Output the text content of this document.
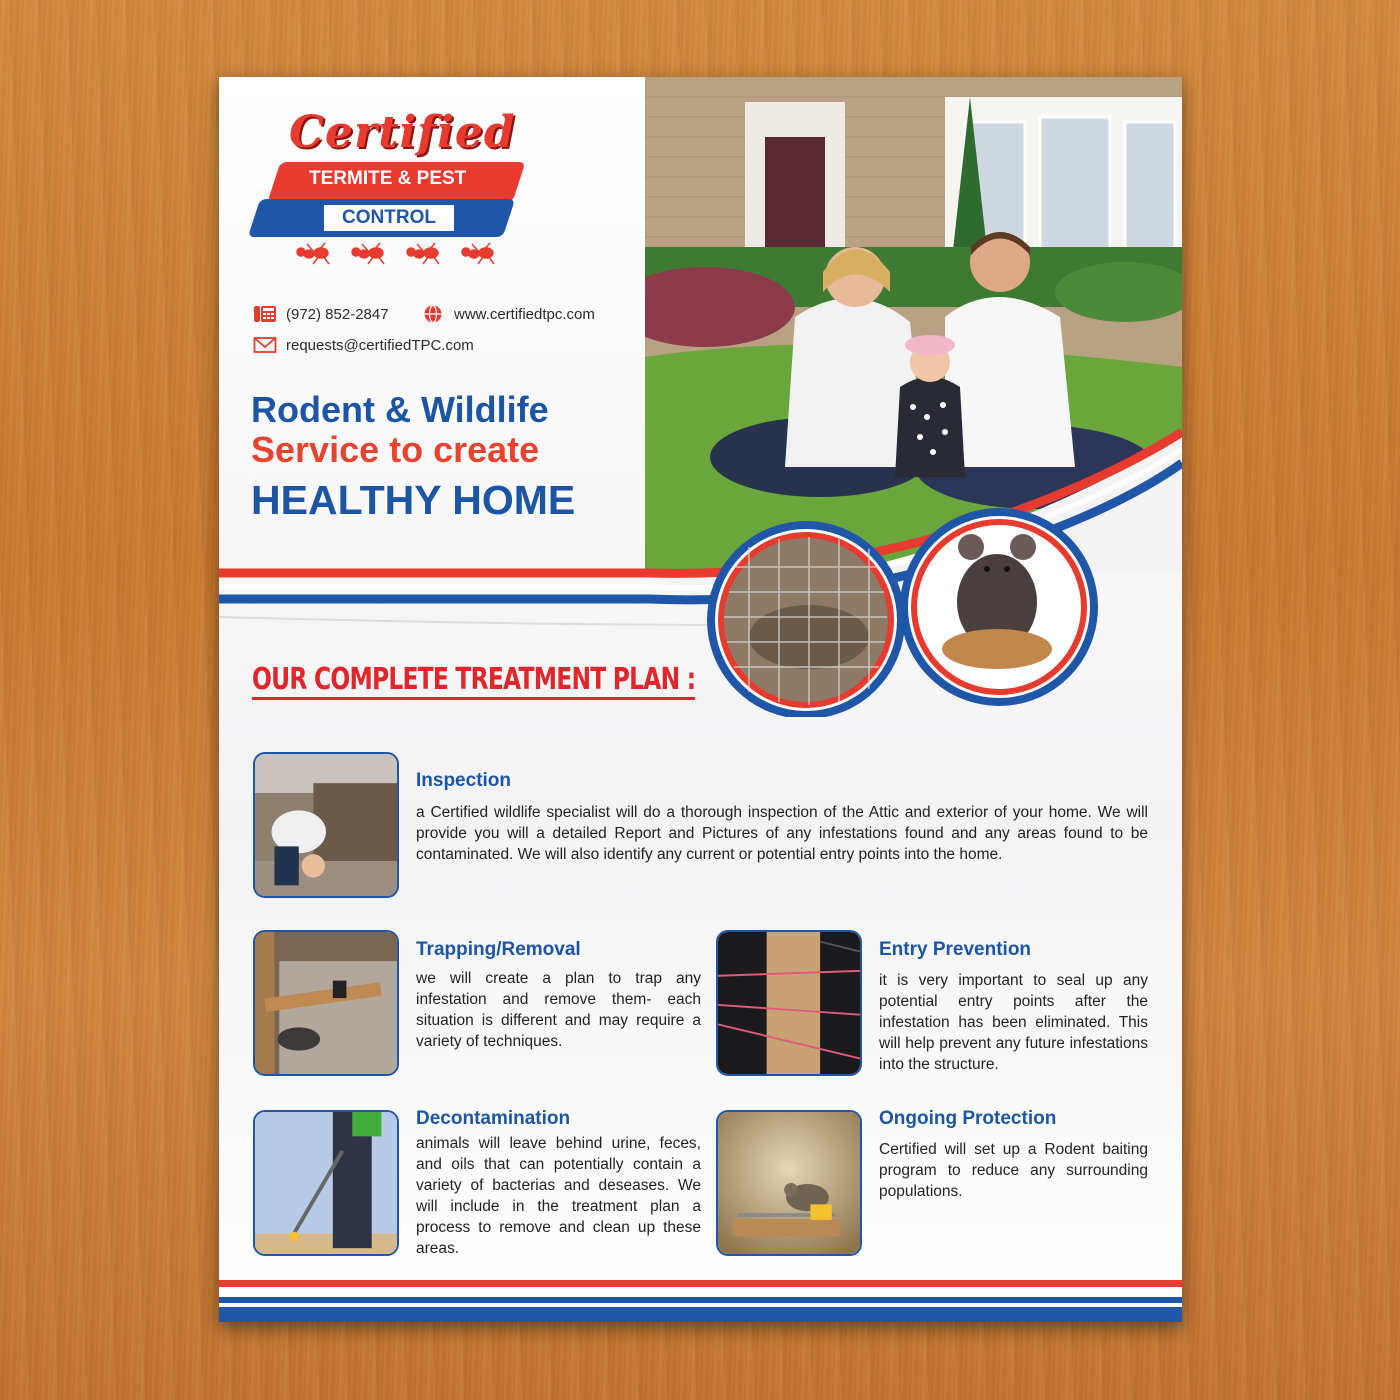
Certified
TERMITE & PEST
CONTROL
(972) 852-2847	www.certifiedtpc.com
requests@certifiedTPC.com
Rodent & Wildlife
Service to create
HEALTHY HOME
OUR COMPLETE TREATMENT PLAN :
Inspection
a Certified wildlife specialist will do a thorough inspection of the Attic and exterior of your home. We will provide you will a detailed Report and Pictures of any infestations found and any areas found to be contaminated. We will also identify any current or potential entry points into the home.
Trapping/Removal
we will create a plan to trap any infestation and remove them- each situation is different and may require a variety of techniques.
Entry Prevention
it is very important to seal up any potential entry points after the infestation has been eliminated. This will help prevent any future infestations into the structure.
Decontamination
animals will leave behind urine, feces, and oils that can potentially contain a variety of bacterias and deseases. We will include in the treatment plan a process to remove and clean up these areas.
Ongoing Protection
Certified will set up a Rodent baiting program to reduce any surrounding populations.
